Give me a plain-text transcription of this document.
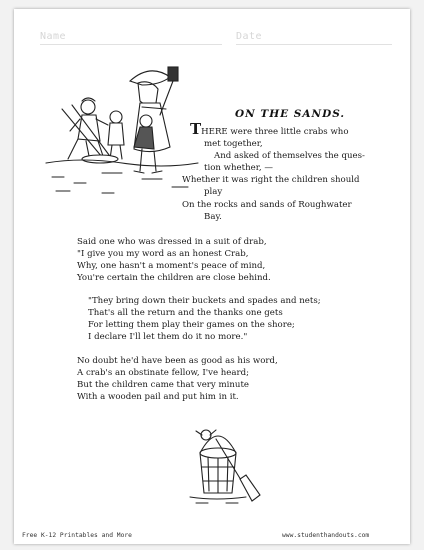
Name	Date
ON THE SANDS.
THERE were three little crabs who
met together,
And asked of themselves the ques-
tion whether, —
Whether it was right the children should
play
On the rocks and sands of Roughwater
Bay.
Said one who was dressed in a suit of drab,
"I give you my word as an honest Crab,
Why, one hasn't a moment's peace of mind,
You're certain the children are close behind.
"They bring down their buckets and spades and nets;
That's all the return and the thanks one gets
For letting them play their games on the shore;
I declare I'll let them do it no more."
No doubt he'd have been as good as his word,
A crab's an obstinate fellow, I've heard;
But the children came that very minute
With a wooden pail and put him in it.
Free K-12 Printables and More	www.studenthandouts.com
